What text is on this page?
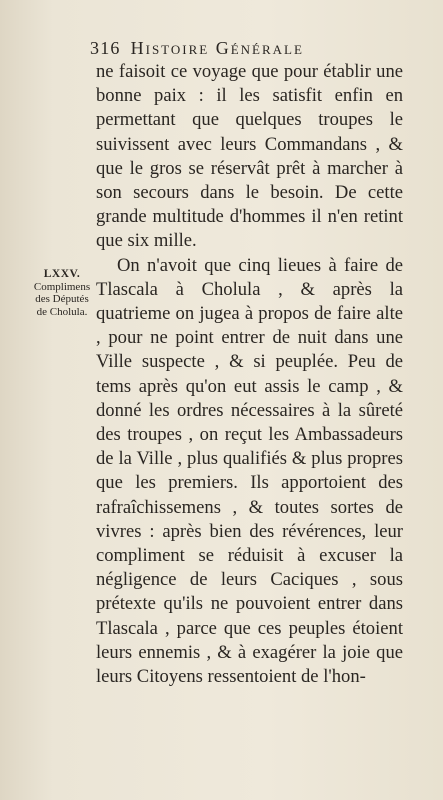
316 Histoire Générale
LXXV.
Complimens
des Députés
de Cholula.

ne faisoit ce voyage que pour établir une bonne paix : il les satisfit enfin en permettant que quelques troupes le suivissent avec leurs Commandans , & que le gros se réservât prêt à marcher à son secours dans le besoin. De cette grande multitude d'hommes il n'en retint que six mille.

On n'avoit que cinq lieues à faire de Tlascala à Cholula , & après la quatrieme on jugea à propos de faire alte , pour ne point entrer de nuit dans une Ville suspecte , & si peuplée. Peu de tems après qu'on eut assis le camp , & donné les ordres nécessaires à la sûreté des troupes , on reçut les Ambassadeurs de la Ville , plus qualifiés & plus propres que les premiers. Ils apportoient des rafraîchissemens , & toutes sortes de vivres : après bien des révérences, leur compliment se réduisit à excuser la négligence de leurs Caciques , sous prétexte qu'ils ne pouvoient entrer dans Tlascala , parce que ces peuples étoient leurs ennemis , & à exagérer la joie que leurs Citoyens ressentoient de l'hon-
